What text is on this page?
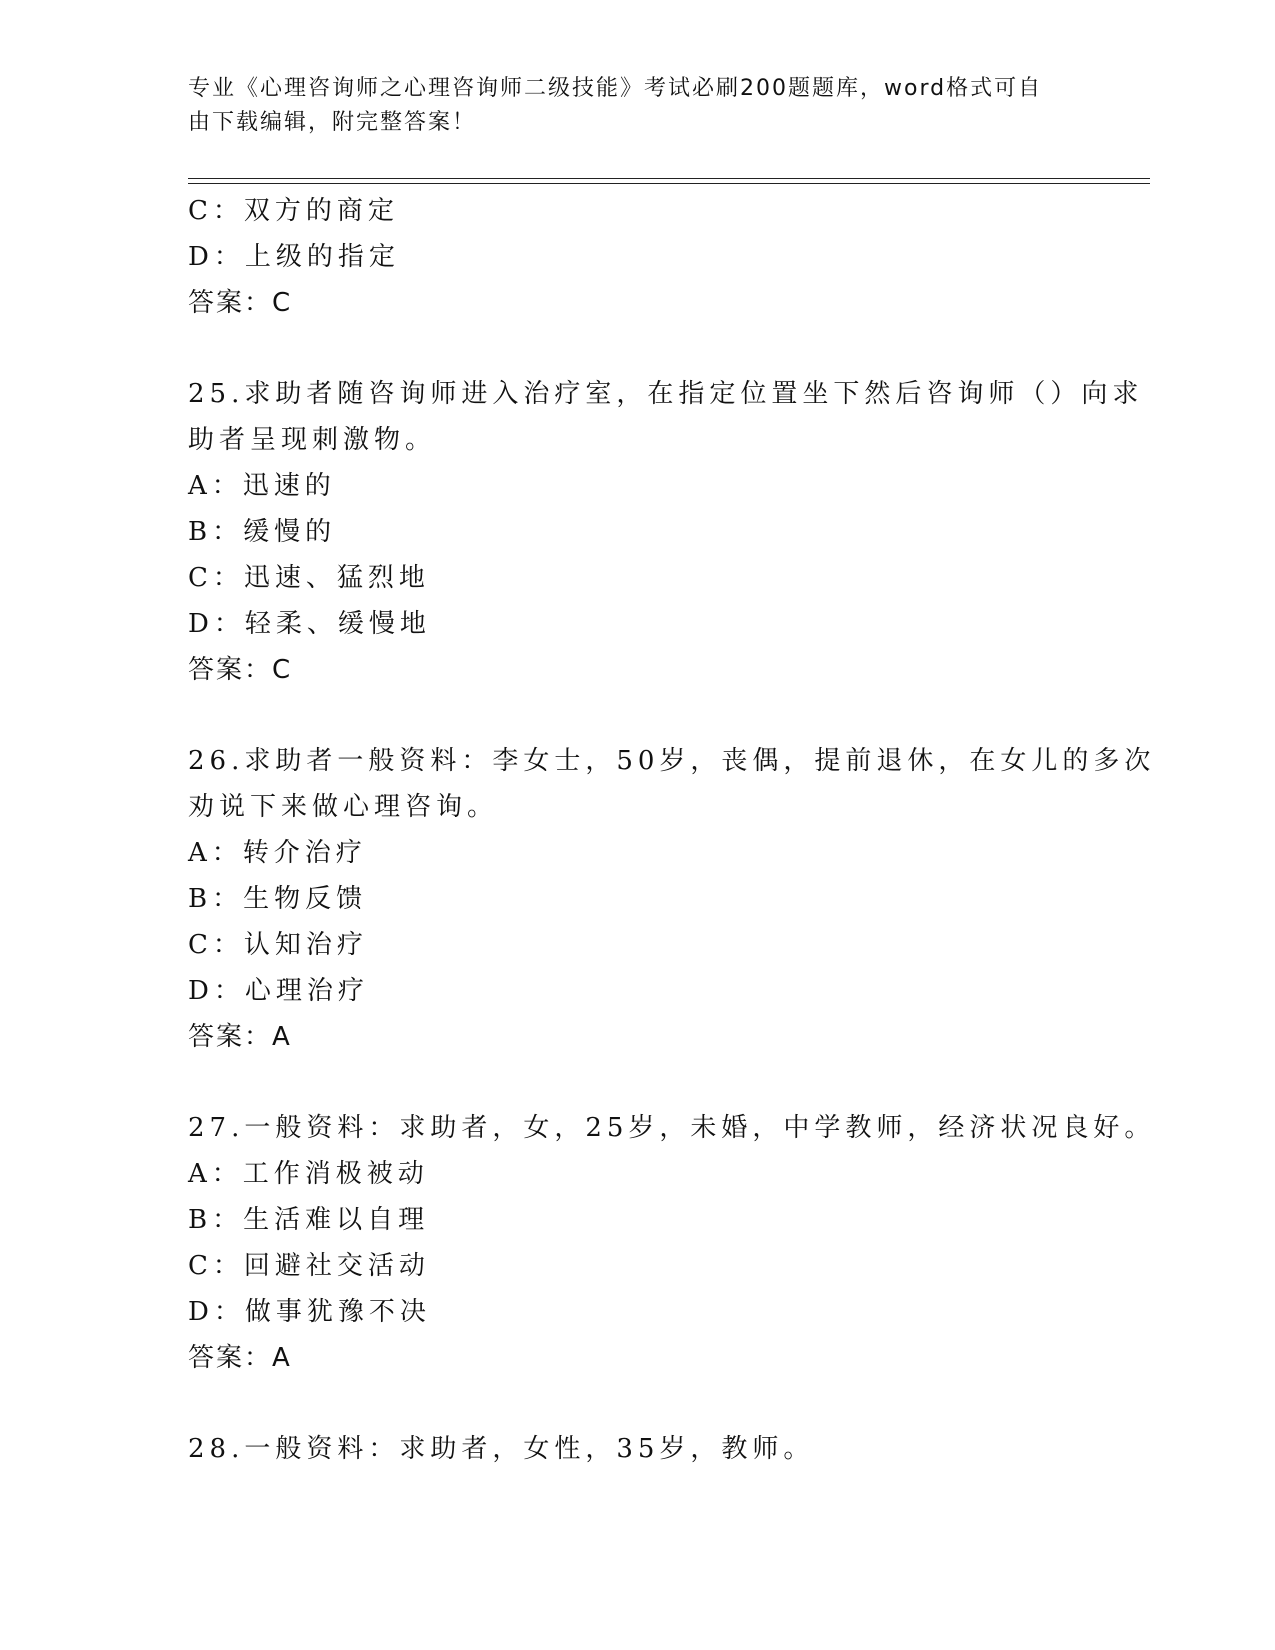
专业《心理咨询师之心理咨询师二级技能》考试必刷200题题库，word格式可自
由下载编辑，附完整答案！
C：双方的商定
D：上级的指定
答案：C
25.求助者随咨询师进入治疗室，在指定位置坐下然后咨询师（）向求
助者呈现刺激物。
A：迅速的
B：缓慢的
C：迅速、猛烈地
D：轻柔、缓慢地
答案：C
26.求助者一般资料：李女士，50岁，丧偶，提前退休，在女儿的多次
劝说下来做心理咨询。
A：转介治疗
B：生物反馈
C：认知治疗
D：心理治疗
答案：A
27.一般资料：求助者，女，25岁，未婚，中学教师，经济状况良好。
A：工作消极被动
B：生活难以自理
C：回避社交活动
D：做事犹豫不决
答案：A
28.一般资料：求助者，女性，35岁，教师。
